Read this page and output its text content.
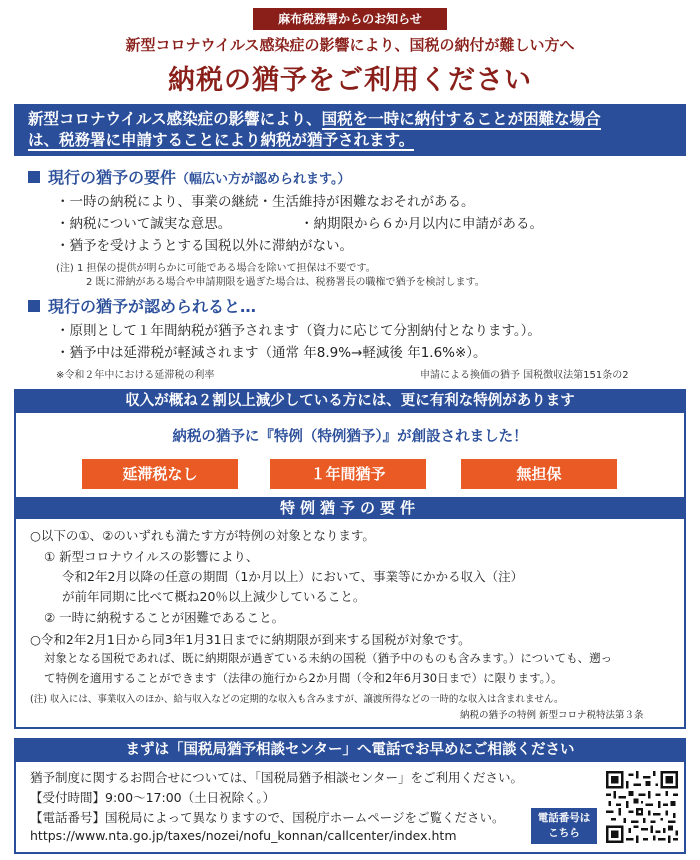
麻布税務署からのお知らせ
新型コロナウイルス感染症の影響により、国税の納付が難しい方へ
納税の猶予をご利用ください
新型コロナウイルス感染症の影響により、国税を一時に納付することが困難な場合
は、税務署に申請することにより納税が猶予されます。
現行の猶予の要件（幅広い方が認められます。）
・一時の納税により、事業の継続・生活維持が困難なおそれがある。
・納税について誠実な意思。	・納期限から６か月以内に申請がある。
・猶予を受けようとする国税以外に滞納がない。
(注) 1 担保の提供が明らかに可能である場合を除いて担保は不要です。
2 既に滞納がある場合や申請期限を過ぎた場合は、税務署長の職権で猶予を検討します。
現行の猶予が認められると…
・原則として１年間納税が猶予されます（資力に応じて分割納付となります。）。
・猶予中は延滞税が軽減されます（通常 年8.9%→軽減後 年1.6%※）。
※令和２年中における延滞税の利率	申請による換価の猶予 国税徴収法第151条の2
収入が概ね２割以上減少している方には、更に有利な特例があります
納税の猶予に『特例（特例猶予）』が創設されました！
延滞税なし	１年間猶予	無担保
特例猶予の要件
○以下の①、②のいずれも満たす方が特例の対象となります。
① 新型コロナウイルスの影響により、
令和2年2月以降の任意の期間（1か月以上）において、事業等にかかる収入（注）
が前年同期に比べて概ね20％以上減少していること。
② 一時に納税することが困難であること。
○令和2年2月1日から同3年1月31日までに納期限が到来する国税が対象です。
対象となる国税であれば、既に納期限が過ぎている未納の国税（猶予中のものも含みます。）についても、遡っ
て特例を適用することができます（法律の施行から2か月間（令和2年6月30日まで）に限ります。）。
(注) 収入には、事業収入のほか、給与収入などの定期的な収入も含みますが、譲渡所得などの一時的な収入は含まれません。
納税の猶予の特例 新型コロナ税特法第３条
まずは「国税局猶予相談センター」へ電話でお早めにご相談ください
猶予制度に関するお問合せについては、「国税局猶予相談センター」をご利用ください。
【受付時間】9:00～17:00（土日祝除く。）
【電話番号】国税局によって異なりますので、国税庁ホームページをご覧ください。
https://www.nta.go.jp/taxes/nozei/nofu_konnan/callcenter/index.htm
電話番号は
こちら
